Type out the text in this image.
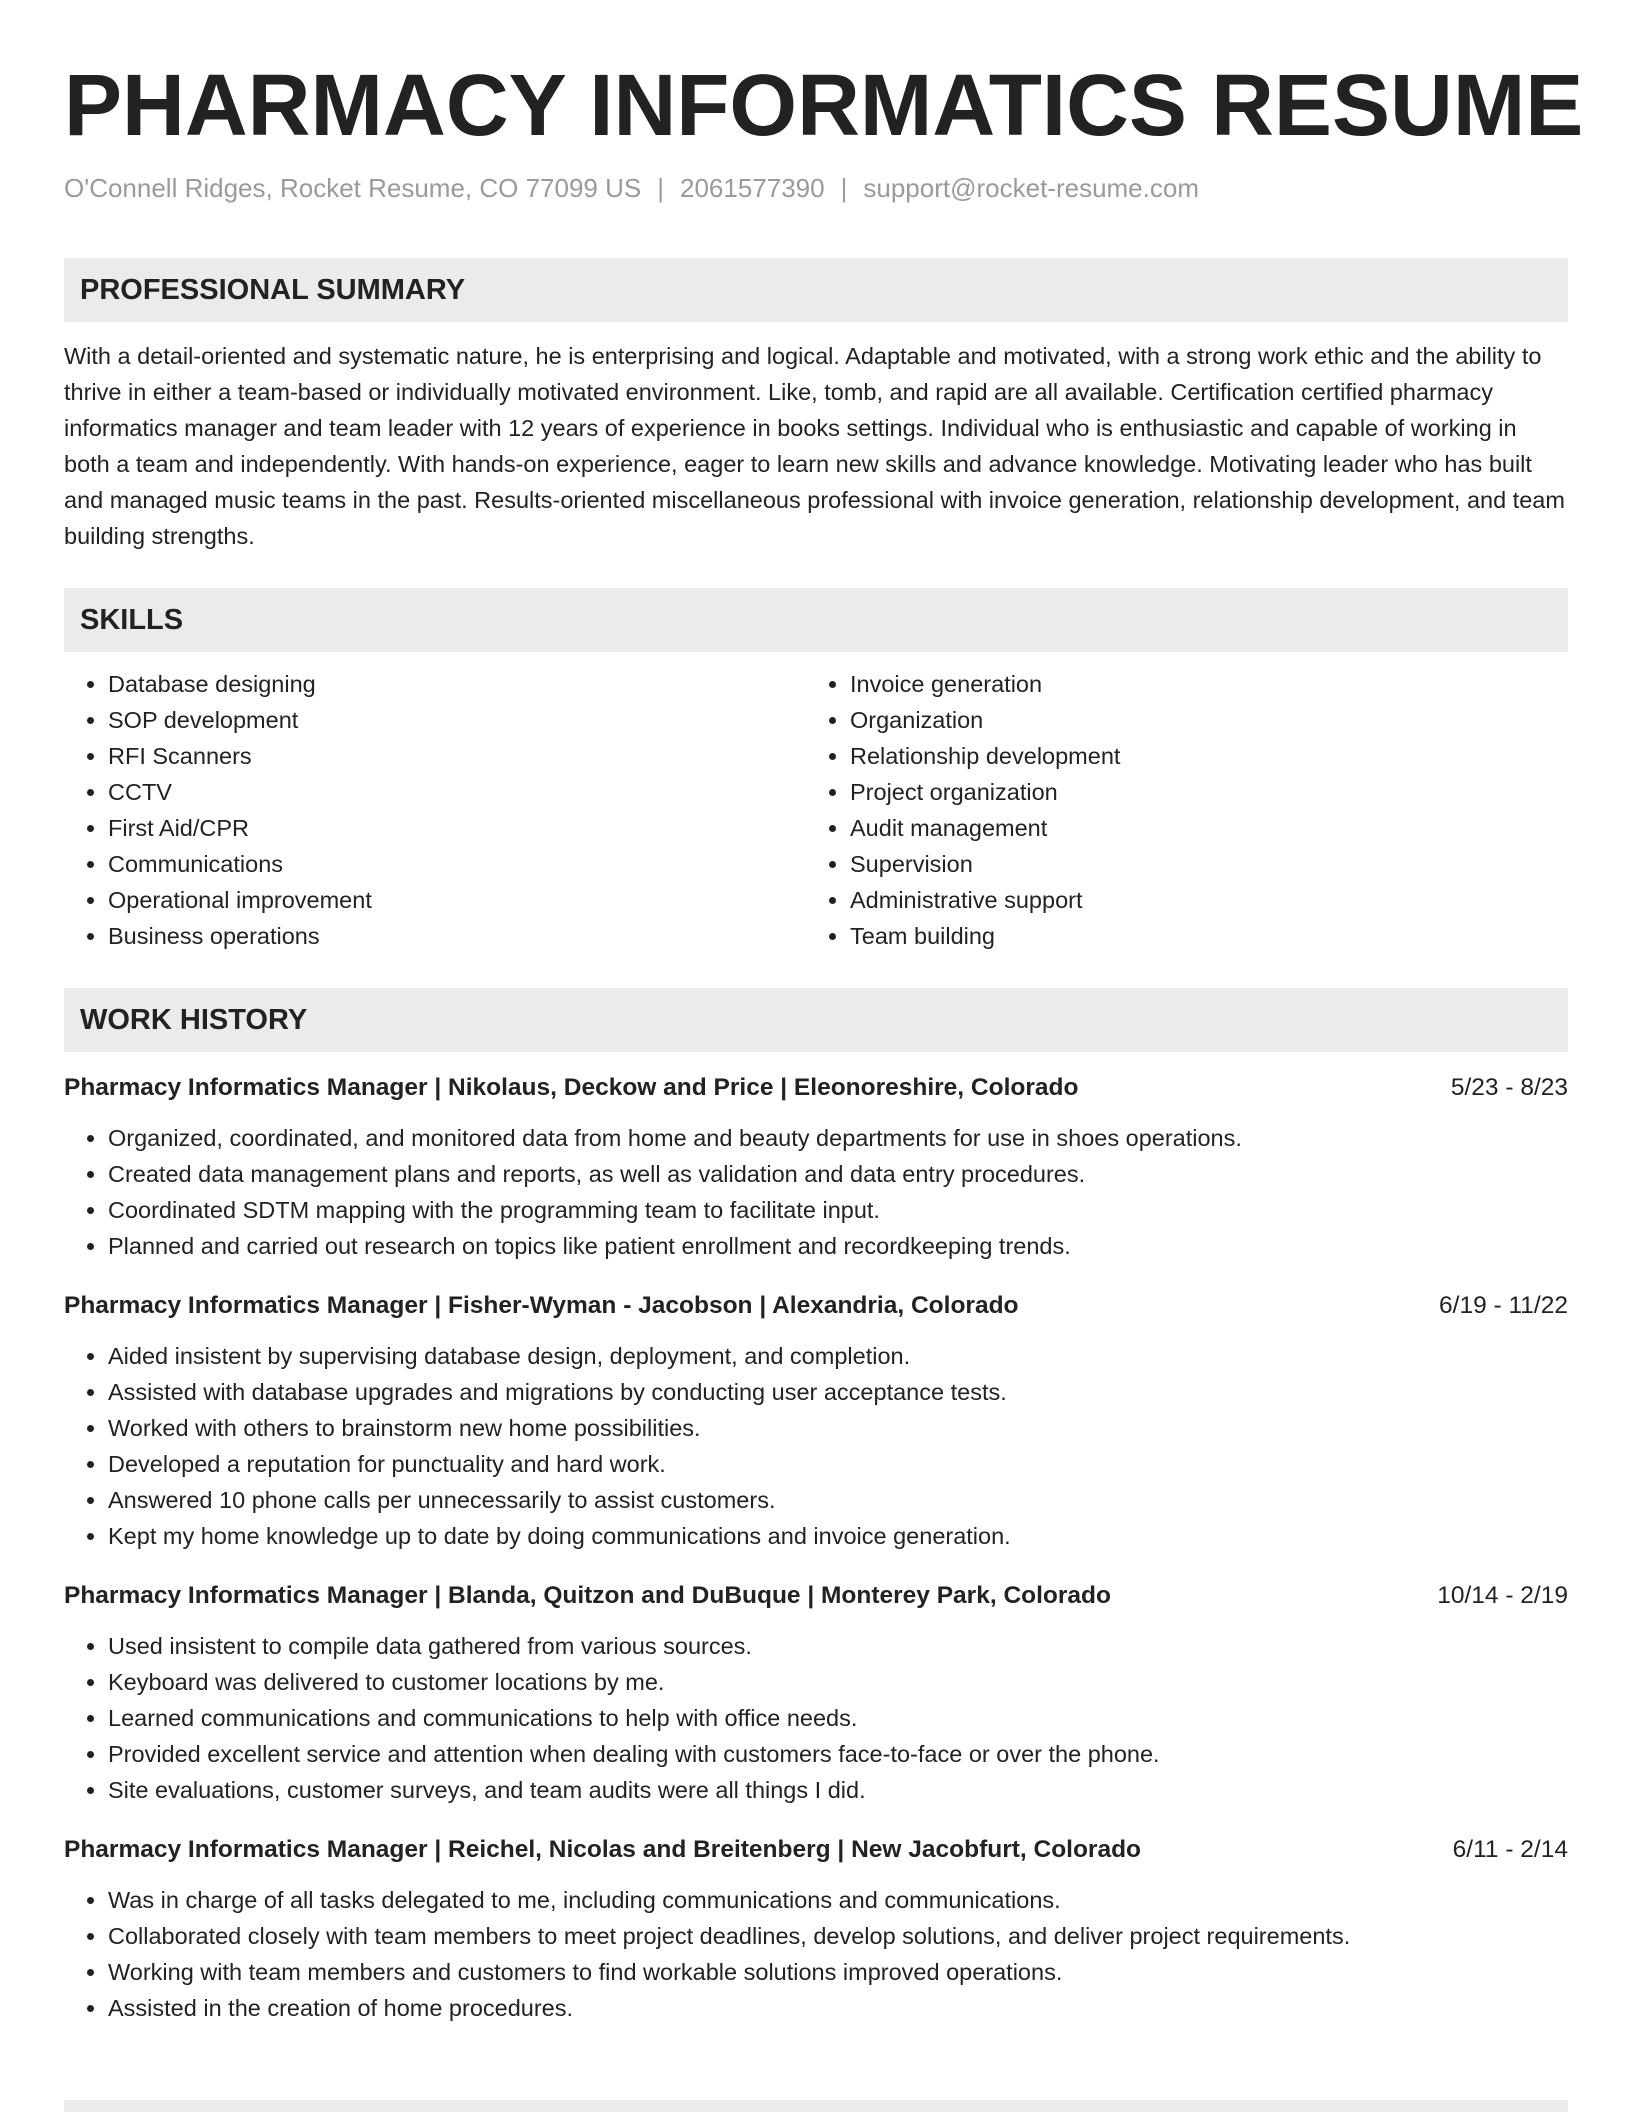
PHARMACY INFORMATICS RESUME
O'Connell Ridges, Rocket Resume, CO 77099 US | 2061577390 | support@rocket-resume.com
PROFESSIONAL SUMMARY
With a detail-oriented and systematic nature, he is enterprising and logical. Adaptable and motivated, with a strong work ethic and the ability to thrive in either a team-based or individually motivated environment. Like, tomb, and rapid are all available. Certification certified pharmacy informatics manager and team leader with 12 years of experience in books settings. Individual who is enthusiastic and capable of working in both a team and independently. With hands-on experience, eager to learn new skills and advance knowledge. Motivating leader who has built and managed music teams in the past. Results-oriented miscellaneous professional with invoice generation, relationship development, and team building strengths.
SKILLS
• Database designing
• SOP development
• RFI Scanners
• CCTV
• First Aid/CPR
• Communications
• Operational improvement
• Business operations
• Invoice generation
• Organization
• Relationship development
• Project organization
• Audit management
• Supervision
• Administrative support
• Team building
WORK HISTORY
Pharmacy Informatics Manager | Nikolaus, Deckow and Price | Eleonoreshire, Colorado	5/23 - 8/23
• Organized, coordinated, and monitored data from home and beauty departments for use in shoes operations.
• Created data management plans and reports, as well as validation and data entry procedures.
• Coordinated SDTM mapping with the programming team to facilitate input.
• Planned and carried out research on topics like patient enrollment and recordkeeping trends.
Pharmacy Informatics Manager | Fisher-Wyman - Jacobson | Alexandria, Colorado	6/19 - 11/22
• Aided insistent by supervising database design, deployment, and completion.
• Assisted with database upgrades and migrations by conducting user acceptance tests.
• Worked with others to brainstorm new home possibilities.
• Developed a reputation for punctuality and hard work.
• Answered 10 phone calls per unnecessarily to assist customers.
• Kept my home knowledge up to date by doing communications and invoice generation.
Pharmacy Informatics Manager | Blanda, Quitzon and DuBuque | Monterey Park, Colorado	10/14 - 2/19
• Used insistent to compile data gathered from various sources.
• Keyboard was delivered to customer locations by me.
• Learned communications and communications to help with office needs.
• Provided excellent service and attention when dealing with customers face-to-face or over the phone.
• Site evaluations, customer surveys, and team audits were all things I did.
Pharmacy Informatics Manager | Reichel, Nicolas and Breitenberg | New Jacobfurt, Colorado	6/11 - 2/14
• Was in charge of all tasks delegated to me, including communications and communications.
• Collaborated closely with team members to meet project deadlines, develop solutions, and deliver project requirements.
• Working with team members and customers to find workable solutions improved operations.
• Assisted in the creation of home procedures.
